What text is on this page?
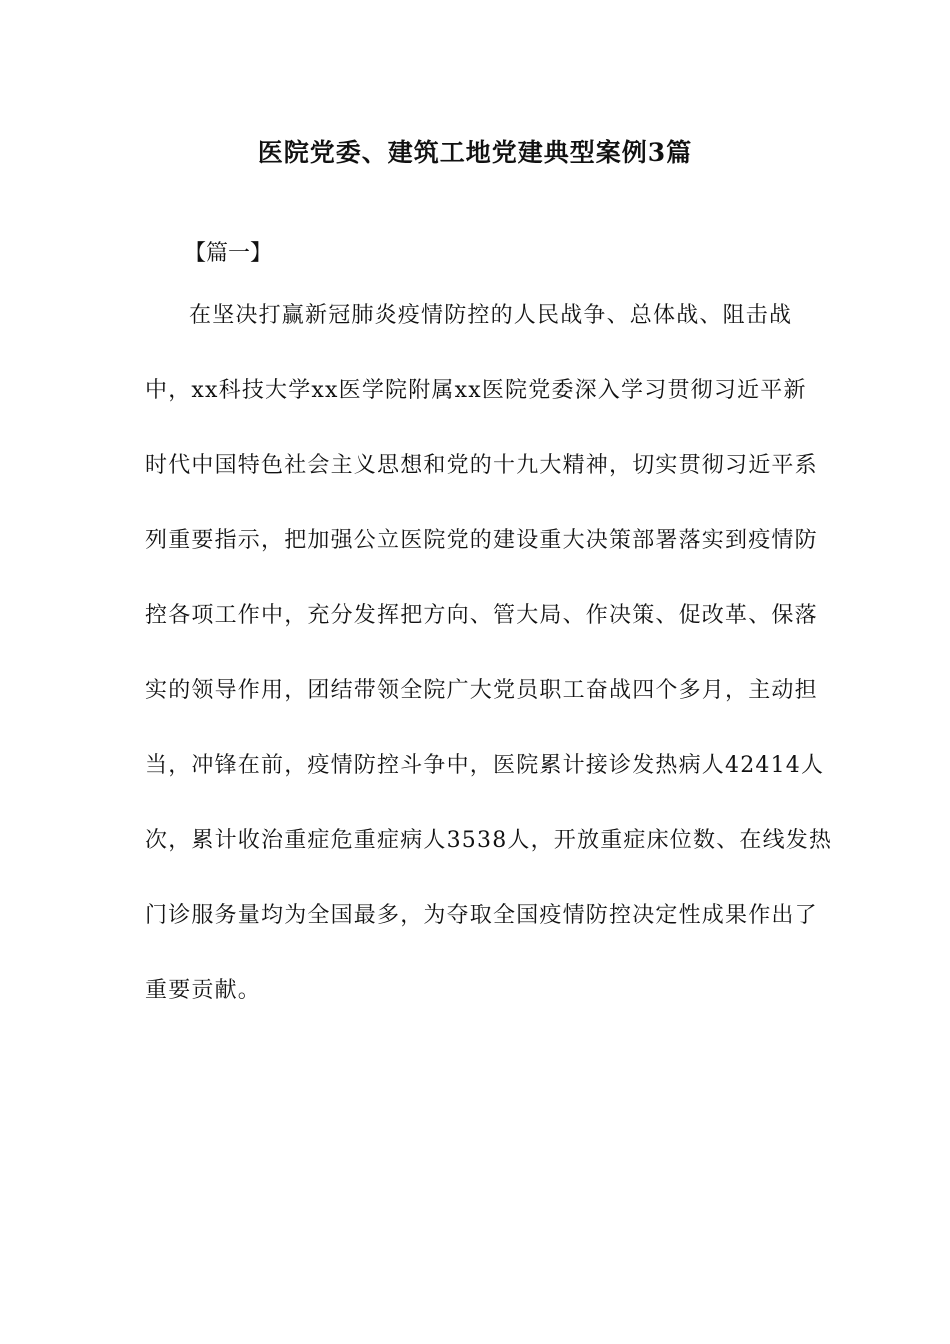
医院党委、建筑工地党建典型案例3篇

【篇一】

在坚决打赢新冠肺炎疫情防控的人民战争、总体战、阻击战
中，xx科技大学xx医学院附属xx医院党委深入学习贯彻习近平新
时代中国特色社会主义思想和党的十九大精神，切实贯彻习近平系
列重要指示，把加强公立医院党的建设重大决策部署落实到疫情防
控各项工作中，充分发挥把方向、管大局、作决策、促改革、保落
实的领导作用，团结带领全院广大党员职工奋战四个多月，主动担
当，冲锋在前，疫情防控斗争中，医院累计接诊发热病人42414人
次，累计收治重症危重症病人3538人，开放重症床位数、在线发热
门诊服务量均为全国最多，为夺取全国疫情防控决定性成果作出了
重要贡献。
